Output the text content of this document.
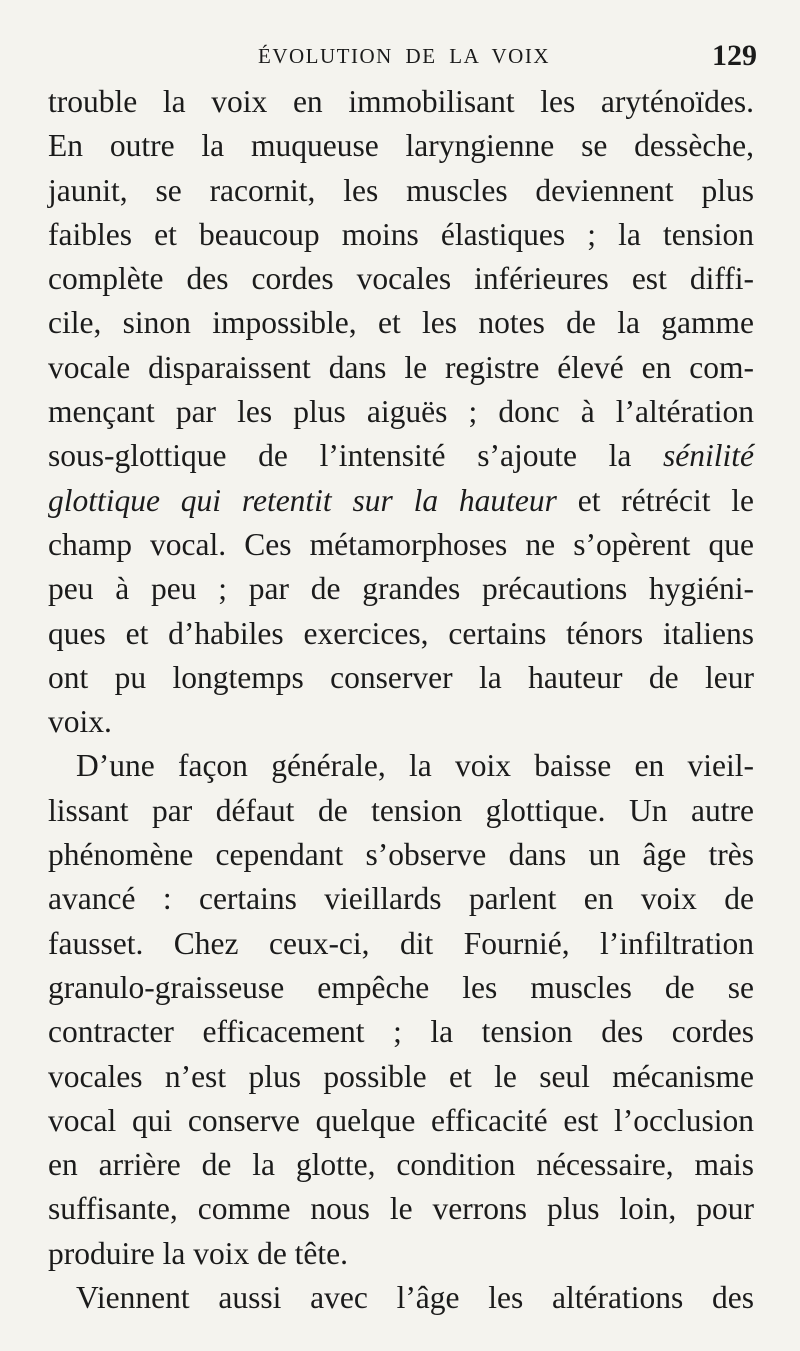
ÉVOLUTION DE LA VOIX	129
trouble la voix en immobilisant les aryténoïdes.
En outre la muqueuse laryngienne se dessèche,
jaunit, se racornit, les muscles deviennent plus
faibles et beaucoup moins élastiques ; la tension
complète des cordes vocales inférieures est diffi-
cile, sinon impossible, et les notes de la gamme
vocale disparaissent dans le registre élevé en com-
mençant par les plus aiguës ; donc à l’altération
sous-glottique de l’intensité s’ajoute la sénilité
glottique qui retentit sur la hauteur et rétrécit le
champ vocal. Ces métamorphoses ne s’opèrent que
peu à peu ; par de grandes précautions hygiéni-
ques et d’habiles exercices, certains ténors italiens
ont pu longtemps conserver la hauteur de leur
voix.
D’une façon générale, la voix baisse en vieil-
lissant par défaut de tension glottique. Un autre
phénomène cependant s’observe dans un âge très
avancé : certains vieillards parlent en voix de
fausset. Chez ceux-ci, dit Fournié, l’infiltration
granulo-graisseuse empêche les muscles de se
contracter efficacement ; la tension des cordes
vocales n’est plus possible et le seul mécanisme
vocal qui conserve quelque efficacité est l’occlusion
en arrière de la glotte, condition nécessaire, mais
suffisante, comme nous le verrons plus loin, pour
produire la voix de tête.
Viennent aussi avec l’âge les altérations des
